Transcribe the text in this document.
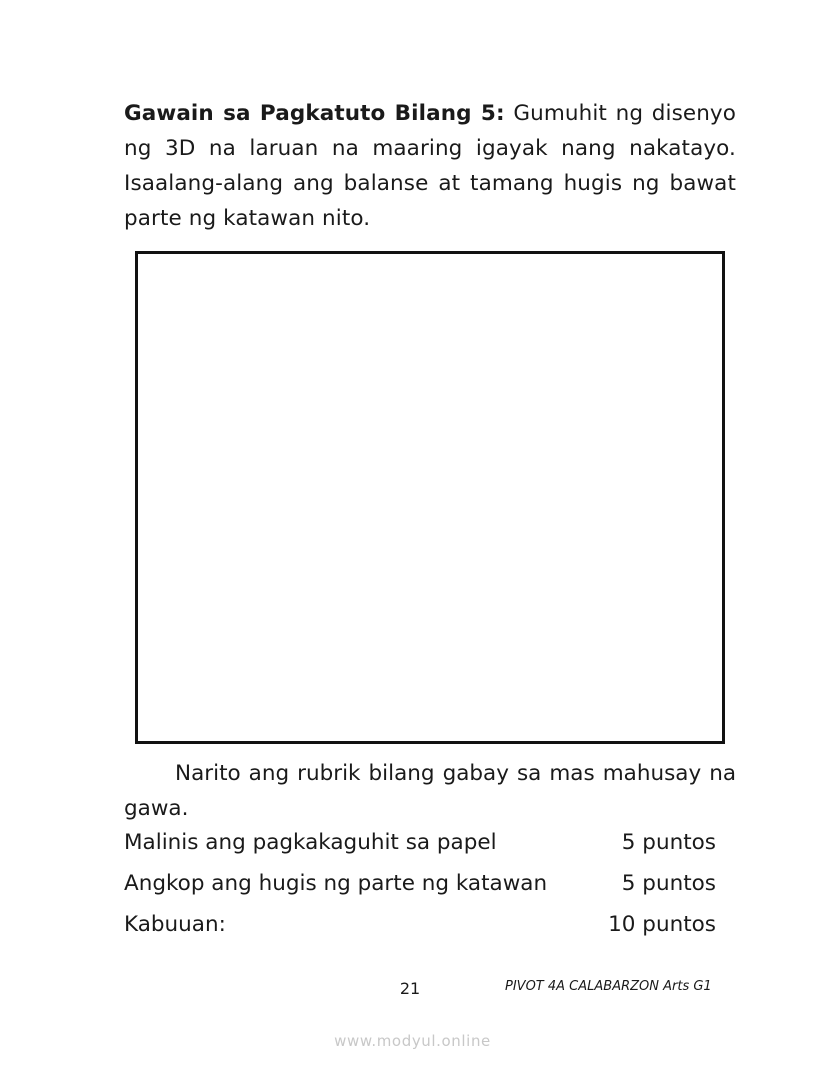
Gawain sa Pagkatuto Bilang 5: Gumuhit ng disenyo ng 3D na laruan na maaring igayak nang nakatayo. Isaalang-alang ang balanse at tamang hugis ng bawat parte ng katawan nito.
Narito ang rubrik bilang gabay sa mas mahusay na gawa.
Malinis ang pagkakaguhit sa papel	5 puntos
Angkop ang hugis ng parte ng katawan	5 puntos
Kabuuan:	10 puntos
21	PIVOT 4A CALABARZON Arts G1
www.modyul.online
